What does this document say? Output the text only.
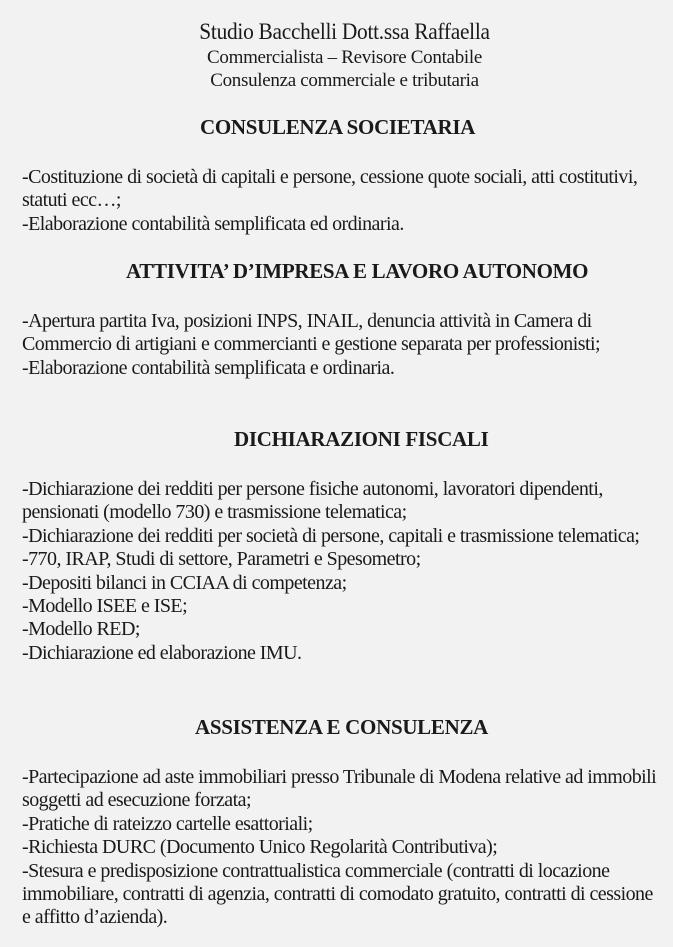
Studio Bacchelli Dott.ssa Raffaella
Commercialista – Revisore Contabile
Consulenza commerciale e tributaria
CONSULENZA SOCIETARIA
-Costituzione di società di capitali e persone, cessione quote sociali, atti costitutivi, statuti ecc…;
-Elaborazione contabilità semplificata ed ordinaria.
ATTIVITA’ D’IMPRESA E LAVORO AUTONOMO
-Apertura partita Iva, posizioni INPS, INAIL, denuncia attività in Camera di Commercio di artigiani e commercianti e gestione separata per professionisti;
-Elaborazione contabilità semplificata e ordinaria.
DICHIARAZIONI FISCALI
-Dichiarazione dei redditi per persone fisiche autonomi, lavoratori dipendenti, pensionati (modello 730) e trasmissione telematica;
-Dichiarazione dei redditi per società di persone, capitali e trasmissione telematica;
-770, IRAP, Studi di settore, Parametri e Spesometro;
-Depositi bilanci in CCIAA di competenza;
-Modello ISEE e ISE;
-Modello RED;
-Dichiarazione ed elaborazione IMU.
ASSISTENZA E CONSULENZA
-Partecipazione ad aste immobiliari presso Tribunale di Modena relative ad immobili soggetti ad esecuzione forzata;
-Pratiche di rateizzo cartelle esattoriali;
-Richiesta DURC (Documento Unico Regolarità Contributiva);
-Stesura e predisposizione contrattualistica commerciale (contratti di locazione immobiliare, contratti di agenzia, contratti di comodato gratuito, contratti di cessione e affitto d’azienda).
